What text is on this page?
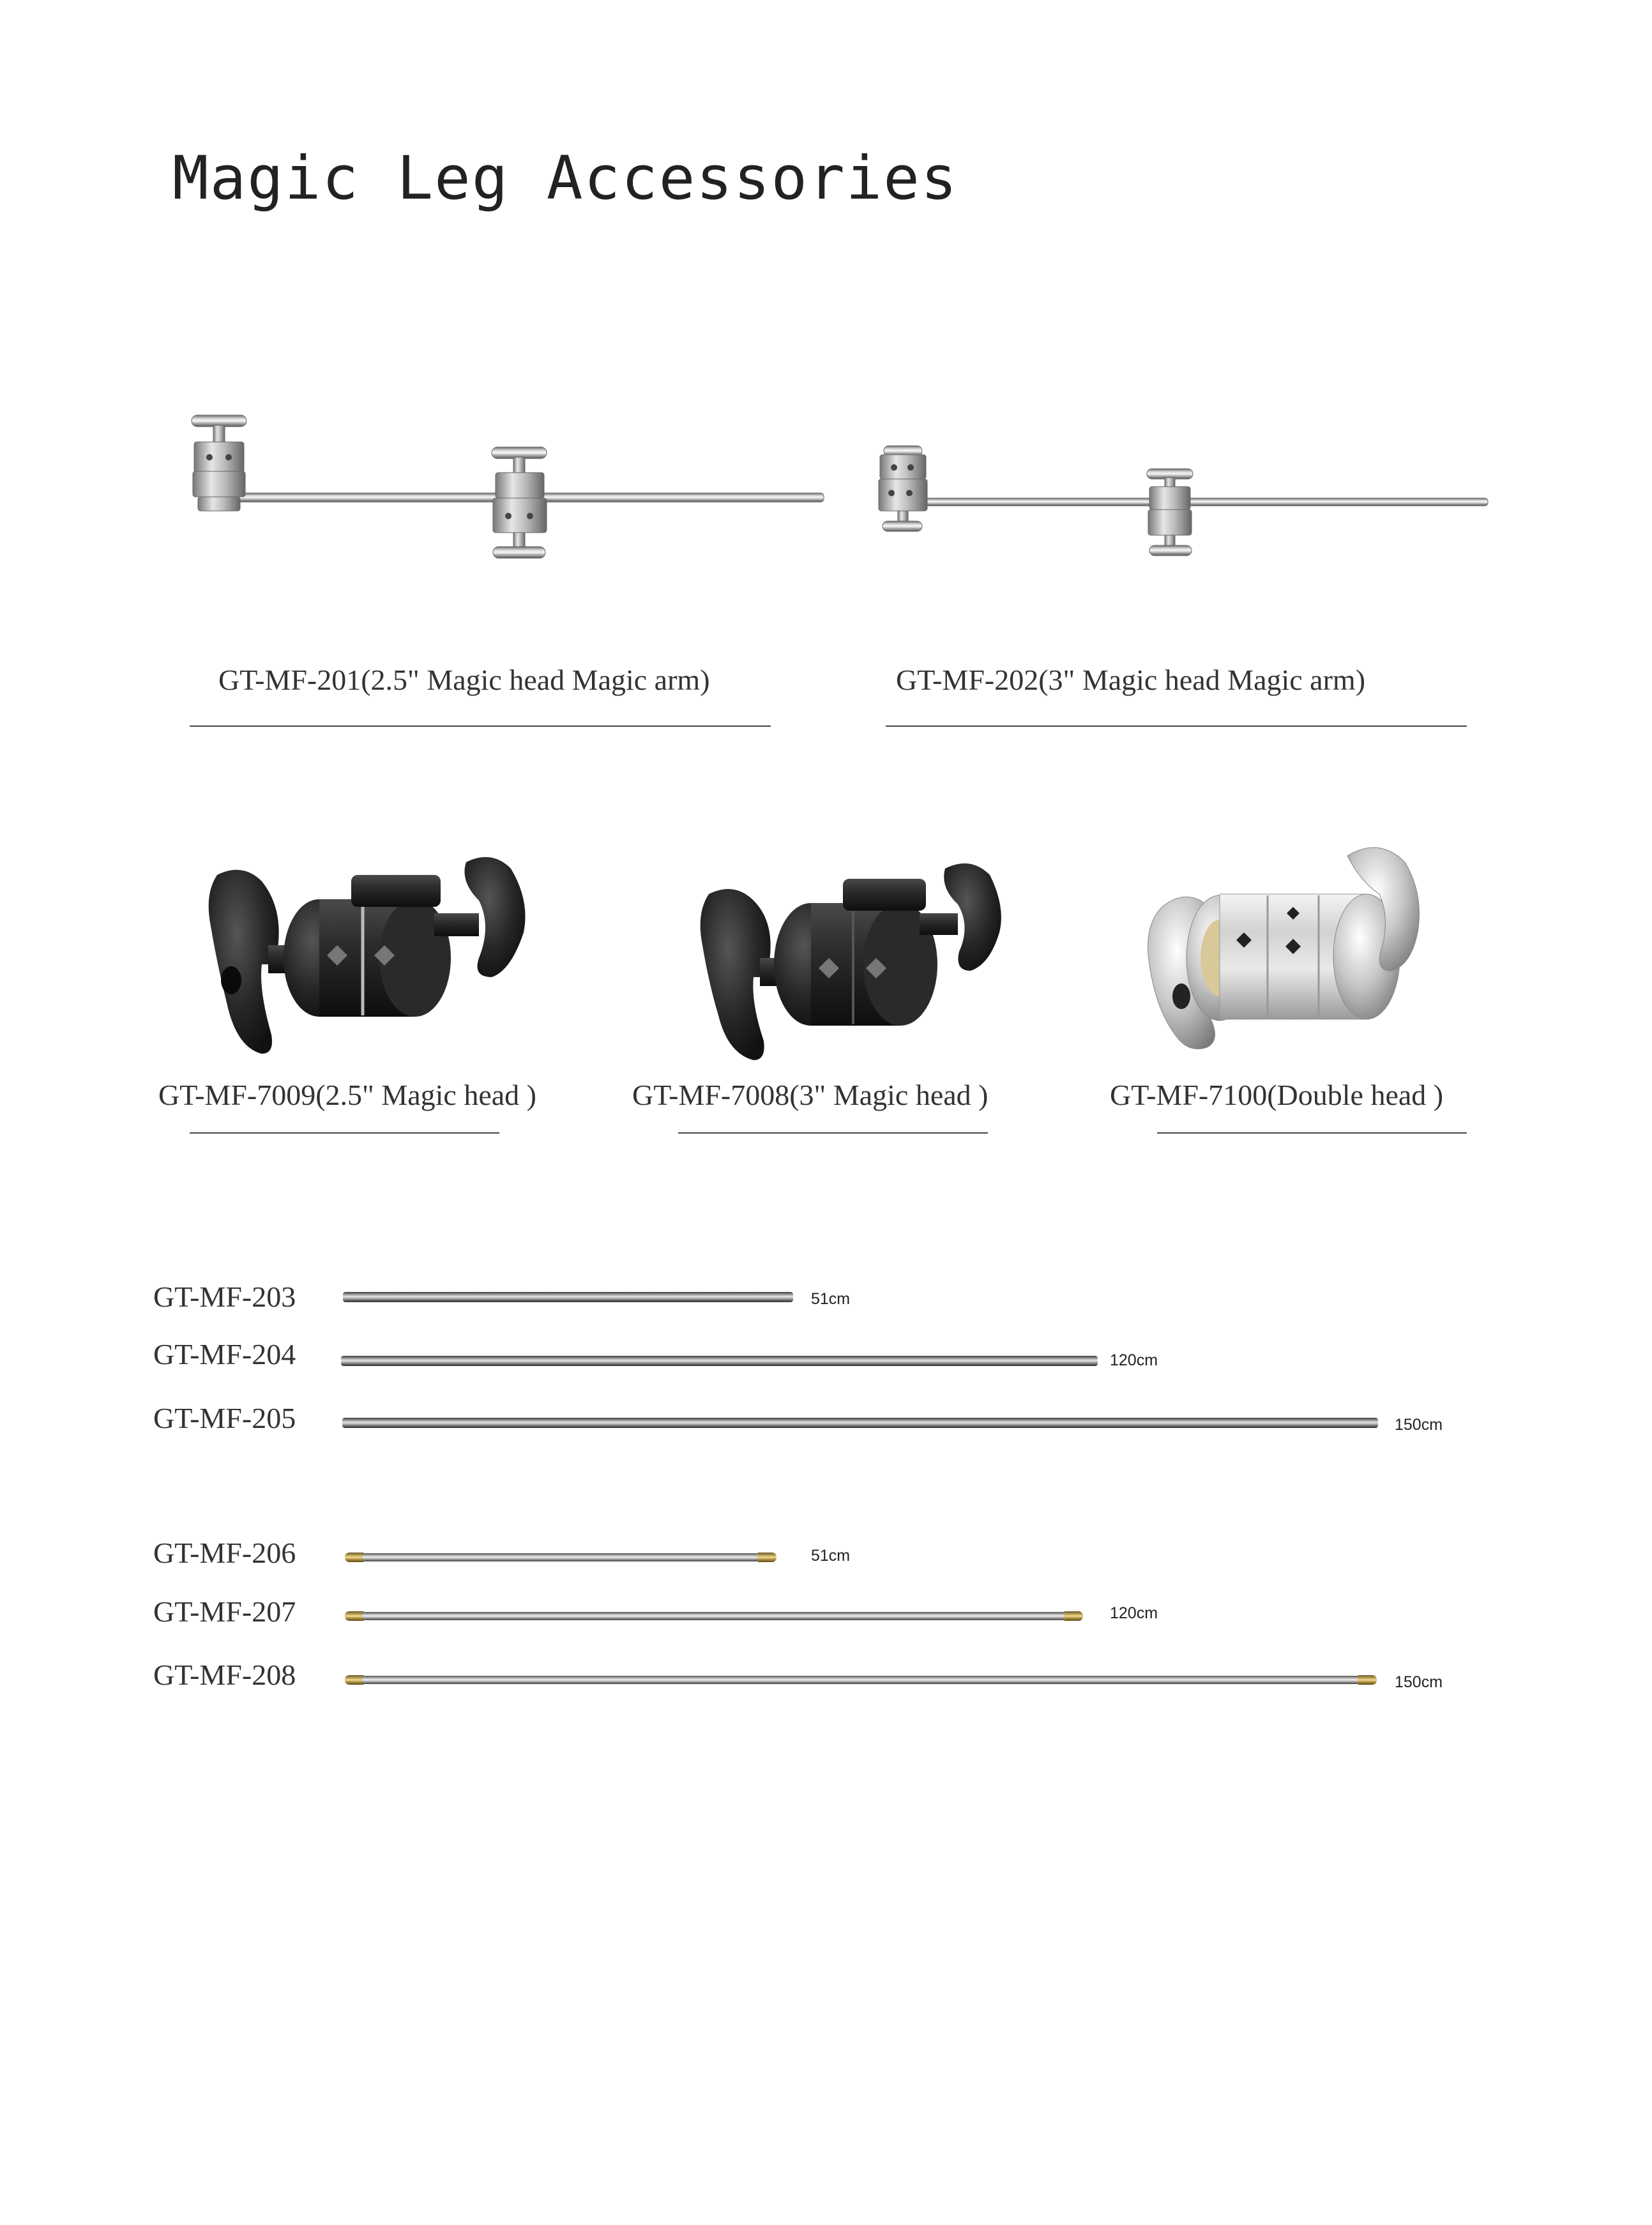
Magic Leg Accessories
GT-MF-201(2.5" Magic head Magic arm)	GT-MF-202(3" Magic head Magic arm)
GT-MF-7009(2.5" Magic head )	GT-MF-7008(3" Magic head )	GT-MF-7100(Double head )
GT-MF-203	51cm
GT-MF-204	120cm
GT-MF-205	150cm
GT-MF-206	51cm
GT-MF-207	120cm
GT-MF-208	150cm
